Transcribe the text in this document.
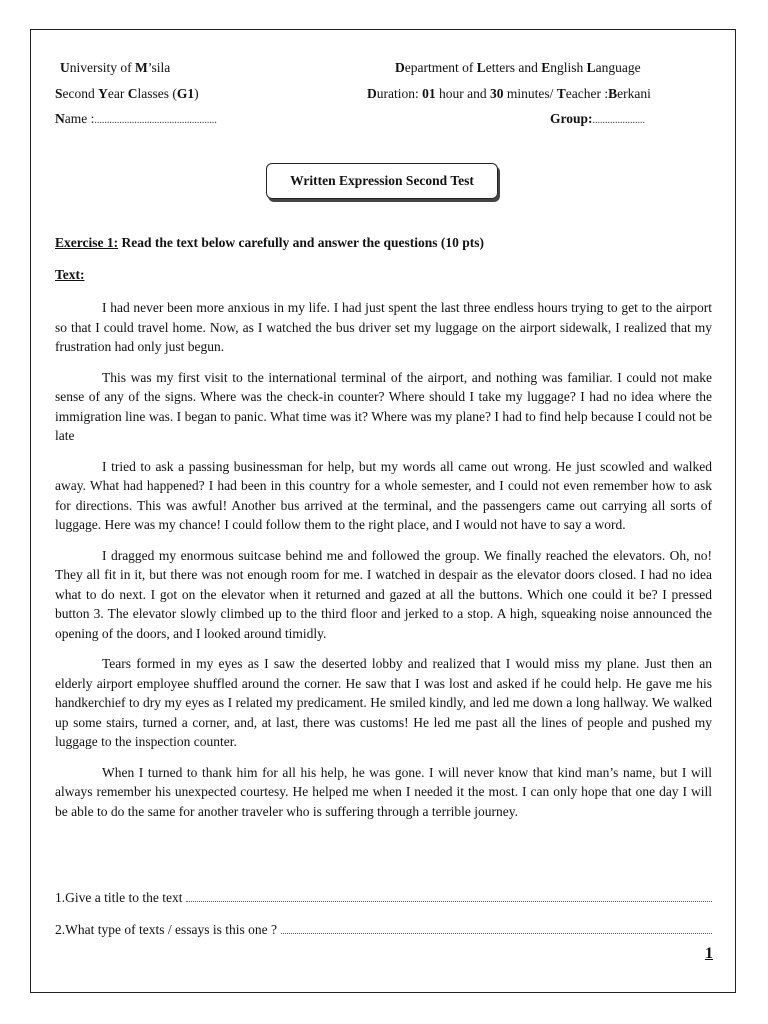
University of M’sila	Department of Letters and English Language
Second Year Classes (G1)	Duration: 01 hour and 30 minutes/ Teacher :Berkani
Name :.................................................	Group:.....................
Written Expression Second Test
Exercise 1: Read the text below carefully and answer the questions (10 pts)
Text:

I had never been more anxious in my life. I had just spent the last three endless hours trying to get to the airport so that I could travel home. Now, as I watched the bus driver set my luggage on the airport sidewalk, I realized that my frustration had only just begun.

This was my first visit to the international terminal of the airport, and nothing was familiar. I could not make sense of any of the signs. Where was the check-in counter? Where should I take my luggage? I had no idea where the immigration line was. I began to panic. What time was it? Where was my plane? I had to find help because I could not be late

I tried to ask a passing businessman for help, but my words all came out wrong. He just scowled and walked away. What had happened? I had been in this country for a whole semester, and I could not even remember how to ask for directions. This was awful! Another bus arrived at the terminal, and the passengers came out carrying all sorts of luggage. Here was my chance! I could follow them to the right place, and I would not have to say a word.

I dragged my enormous suitcase behind me and followed the group. We finally reached the elevators. Oh, no! They all fit in it, but there was not enough room for me. I watched in despair as the elevator doors closed. I had no idea what to do next. I got on the elevator when it returned and gazed at all the buttons. Which one could it be? I pressed button 3. The elevator slowly climbed up to the third floor and jerked to a stop. A high, squeaking noise announced the opening of the doors, and I looked around timidly.

Tears formed in my eyes as I saw the deserted lobby and realized that I would miss my plane. Just then an elderly airport employee shuffled around the corner. He saw that I was lost and asked if he could help. He gave me his handkerchief to dry my eyes as I related my predicament. He smiled kindly, and led me down a long hallway. We walked up some stairs, turned a corner, and, at last, there was customs! He led me past all the lines of people and pushed my luggage to the inspection counter.

When I turned to thank him for all his help, he was gone. I will never know that kind man’s name, but I will always remember his unexpected courtesy. He helped me when I needed it the most. I can only hope that one day I will be able to do the same for another traveler who is suffering through a terrible journey.

1.Give a title to the text
2.What type of texts / essays is this one ?
1
